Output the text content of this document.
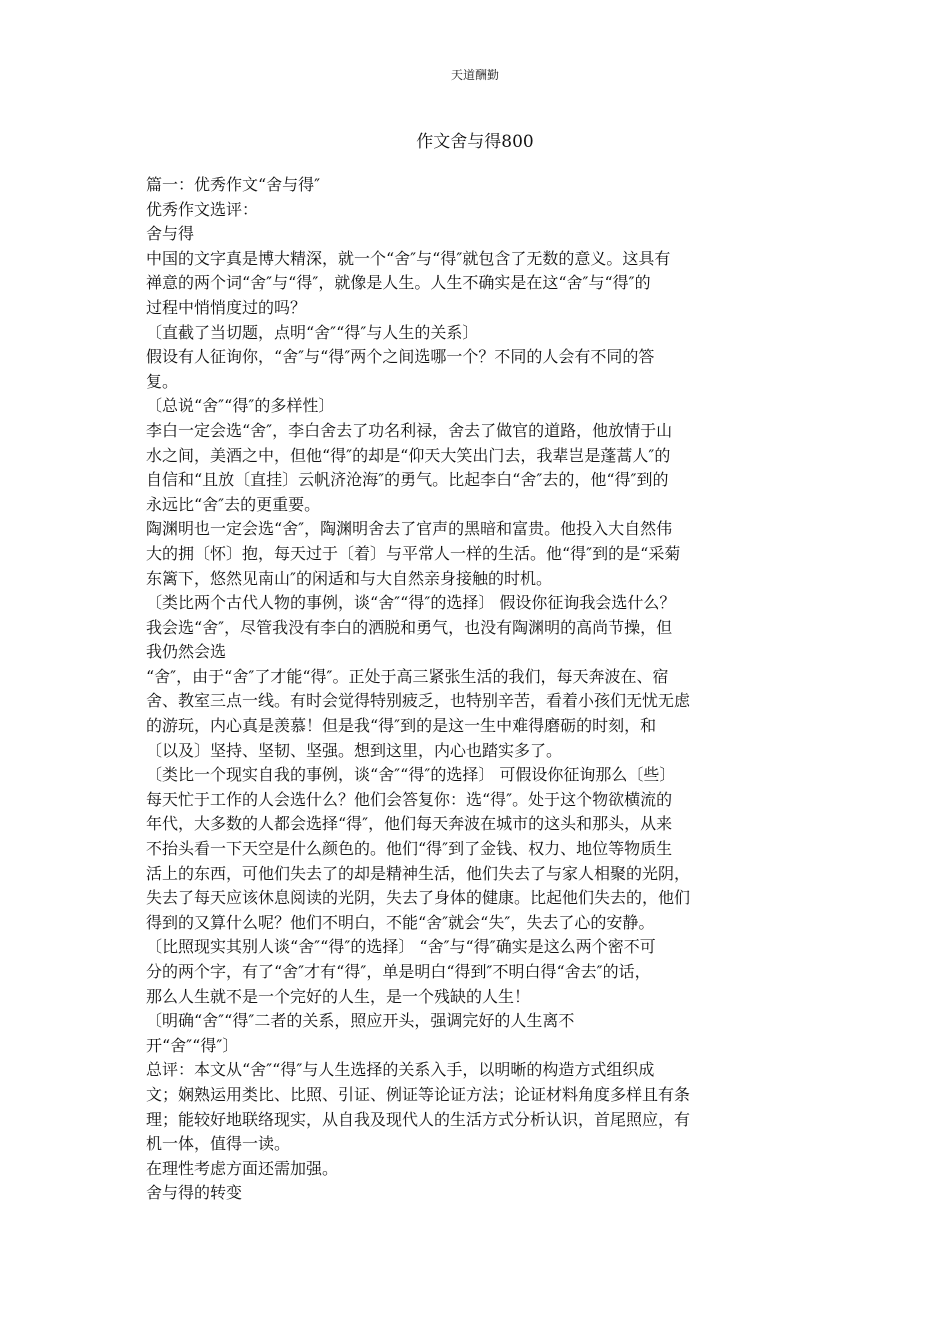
天道酬勤
作文舍与得800

篇一：优秀作文“舍与得″

优秀作文选评：

舍与得

中国的文字真是博大精深，就一个“舍″与“得″就包含了无数的意义。这具有

禅意的两个词“舍″与“得″，就像是人生。人生不确实是在这“舍″与“得″的

过程中悄悄度过的吗？

〔直截了当切题，点明“舍″“得″与人生的关系〕

假设有人征询你，“舍″与“得″两个之间选哪一个？不同的人会有不同的答

复。

〔总说“舍″“得″的多样性〕

李白一定会选“舍″，李白舍去了功名利禄，舍去了做官的道路，他放情于山

水之间，美酒之中，但他“得″的却是“仰天大笑出门去，我辈岂是蓬蒿人″的

自信和“且放〔直挂〕云帆济沧海″的勇气。比起李白“舍″去的，他“得″到的

永远比“舍″去的更重要。

陶渊明也一定会选“舍″，陶渊明舍去了官声的黑暗和富贵。他投入大自然伟

大的拥〔怀〕抱，每天过于〔着〕与平常人一样的生活。他“得″到的是“采菊

东篱下，悠然见南山″的闲适和与大自然亲身接触的时机。

〔类比两个古代人物的事例，谈“舍″“得″的选择〕 假设你征询我会选什么？

我会选“舍″，尽管我没有李白的洒脱和勇气，也没有陶渊明的高尚节操，但

我仍然会选

“舍″，由于“舍″了才能“得″。正处于高三紧张生活的我们，每天奔波在、宿

舍、教室三点一线。有时会觉得特别疲乏，也特别辛苦，看着小孩们无忧无虑

的游玩，内心真是羡慕！但是我“得″到的是这一生中难得磨砺的时刻，和

〔以及〕坚持、坚韧、坚强。想到这里，内心也踏实多了。

〔类比一个现实自我的事例，谈“舍″“得″的选择〕 可假设你征询那么〔些〕

每天忙于工作的人会选什么？他们会答复你：选“得″。处于这个物欲横流的

年代，大多数的人都会选择“得″，他们每天奔波在城市的这头和那头，从来

不抬头看一下天空是什么颜色的。他们“得″到了金钱、权力、地位等物质生

活上的东西，可他们失去了的却是精神生活，他们失去了与家人相聚的光阴，

失去了每天应该休息阅读的光阴，失去了身体的健康。比起他们失去的，他们

得到的又算什么呢？他们不明白，不能“舍″就会“失″，失去了心的安静。

〔比照现实其别人谈“舍″“得″的选择〕 “舍″与“得″确实是这么两个密不可

分的两个字，有了“舍″才有“得″，单是明白“得到″不明白得“舍去″的话，

那么人生就不是一个完好的人生，是一个残缺的人生！

〔明确“舍″“得″二者的关系，照应开头，强调完好的人生离不

开“舍″“得″〕

总评：本文从“舍″“得″与人生选择的关系入手，以明晰的构造方式组织成

文；娴熟运用类比、比照、引证、例证等论证方法；论证材料角度多样且有条

理；能较好地联络现实，从自我及现代人的生活方式分析认识，首尾照应，有

机一体，值得一读。

在理性考虑方面还需加强。

舍与得的转变
